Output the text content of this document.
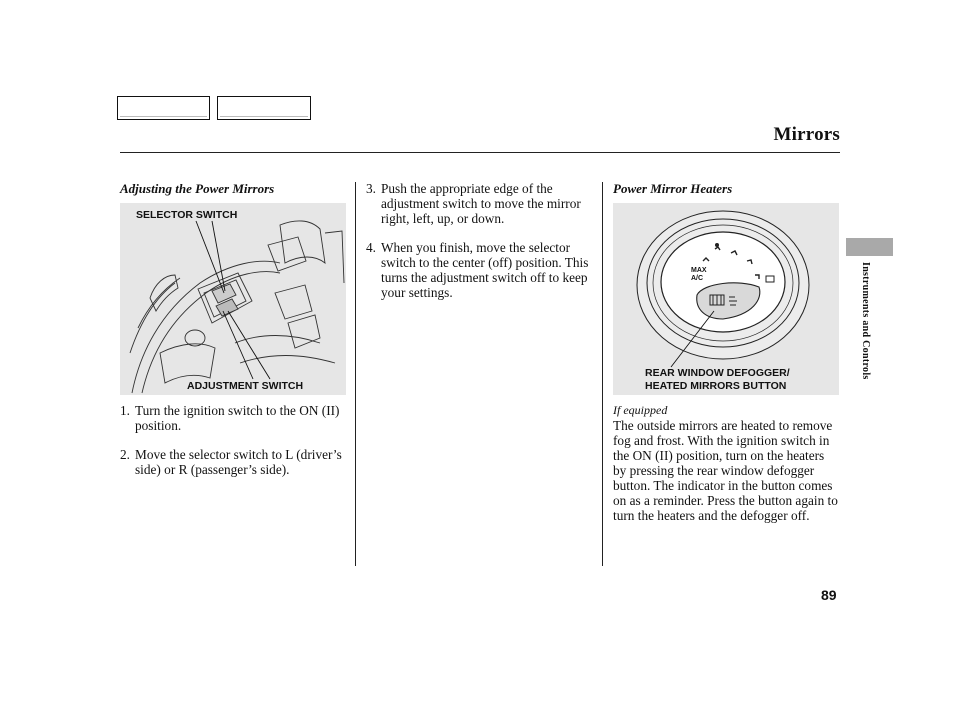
Mirrors
Adjusting the Power Mirrors
SELECTOR SWITCH
ADJUSTMENT SWITCH
1. Turn the ignition switch to the ON (II) position.
2. Move the selector switch to L (driver’s side) or R (passenger’s side).
3. Push the appropriate edge of the adjustment switch to move the mirror right, left, up, or down.
4. When you finish, move the selector switch to the center (off) position. This turns the adjustment switch off to keep your settings.
Power Mirror Heaters
MAX
A/C
REAR WINDOW DEFOGGER/
HEATED MIRRORS BUTTON
If equipped
The outside mirrors are heated to remove fog and frost. With the ignition switch in the ON (II) position, turn on the heaters by pressing the rear window defogger button. The indicator in the button comes on as a reminder. Press the button again to turn the heaters and the defogger off.
Instruments and Controls
89
